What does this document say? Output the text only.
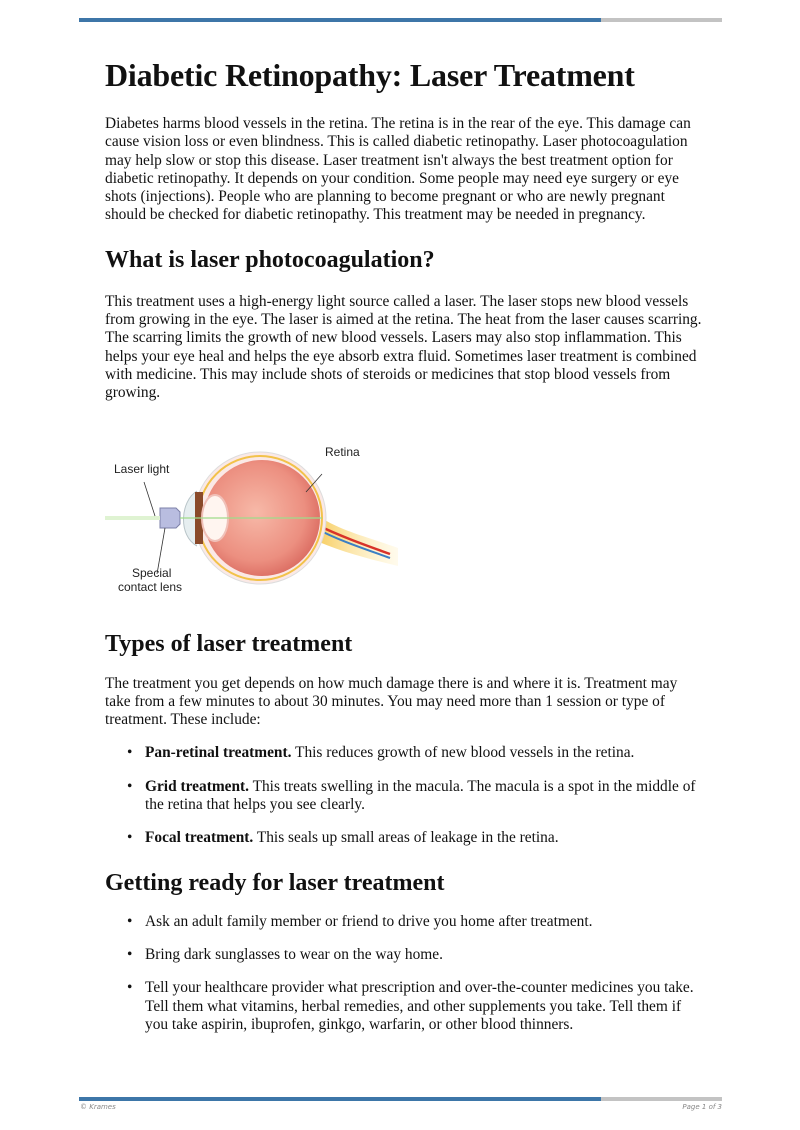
Diabetic Retinopathy: Laser Treatment

Diabetes harms blood vessels in the retina. The retina is in the rear of the eye. This damage can cause vision loss or even blindness. This is called diabetic retinopathy. Laser photocoagulation may help slow or stop this disease. Laser treatment isn't always the best treatment option for diabetic retinopathy. It depends on your condition. Some people may need eye surgery or eye shots (injections). People who are planning to become pregnant or who are newly pregnant should be checked for diabetic retinopathy. This treatment may be needed in pregnancy.

What is laser photocoagulation?

This treatment uses a high-energy light source called a laser. The laser stops new blood vessels from growing in the eye. The laser is aimed at the retina. The heat from the laser causes scarring. The scarring limits the growth of new blood vessels. Lasers may also stop inflammation. This helps your eye heal and helps the eye absorb extra fluid. Sometimes laser treatment is combined with medicine. This may include shots of steroids or medicines that stop blood vessels from growing.

Laser light
Retina
Special
contact lens
Types of laser treatment

The treatment you get depends on how much damage there is and where it is. Treatment may take from a few minutes to about 30 minutes. You may need more than 1 session or type of treatment. These include:

• Pan-retinal treatment. This reduces growth of new blood vessels in the retina.
• Grid treatment. This treats swelling in the macula. The macula is a spot in the middle of the retina that helps you see clearly.
• Focal treatment. This seals up small areas of leakage in the retina.
Getting ready for laser treatment
• Ask an adult family member or friend to drive you home after treatment.
• Bring dark sunglasses to wear on the way home.
• Tell your healthcare provider what prescription and over-the-counter medicines you take. Tell them what vitamins, herbal remedies, and other supplements you take. Tell them if you take aspirin, ibuprofen, ginkgo, warfarin, or other blood thinners.
© Krames	Page 1 of 3
